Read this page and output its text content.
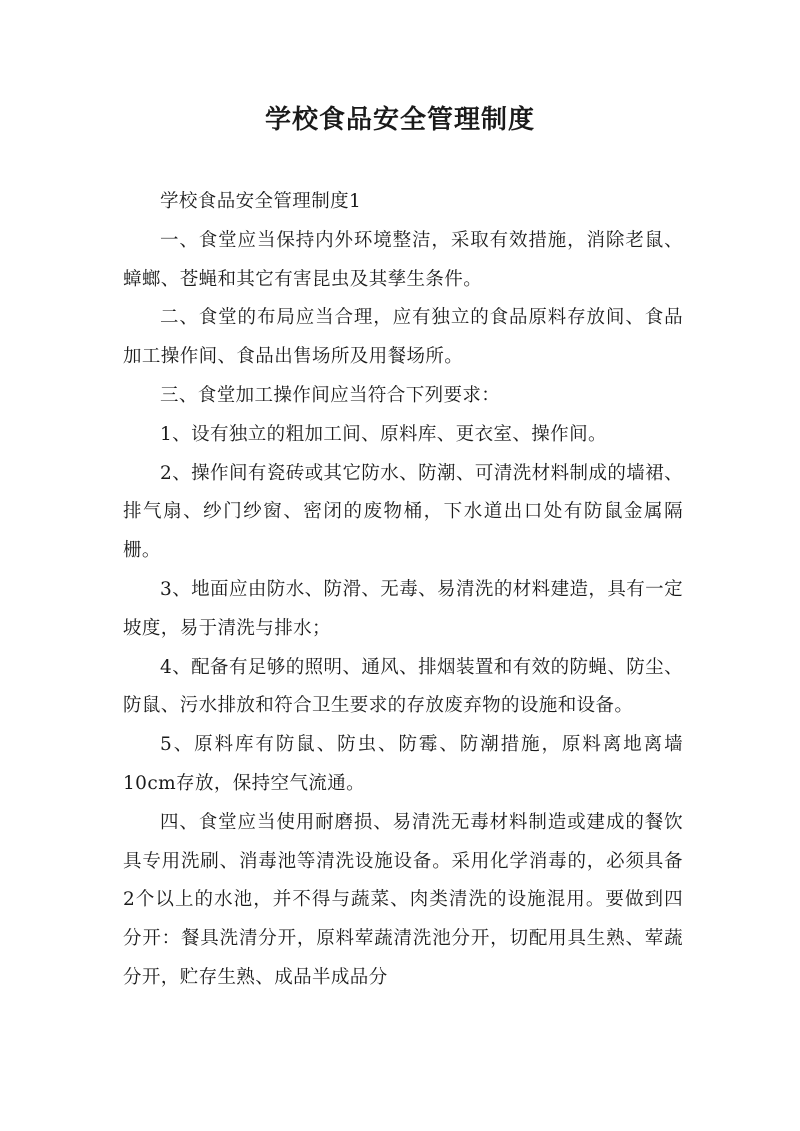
学校食品安全管理制度

学校食品安全管理制度1

一、食堂应当保持内外环境整洁，采取有效措施，消除老鼠、蟑螂、苍蝇和其它有害昆虫及其孳生条件。

二、食堂的布局应当合理，应有独立的食品原料存放间、食品加工操作间、食品出售场所及用餐场所。

三、食堂加工操作间应当符合下列要求：

1、设有独立的粗加工间、原料库、更衣室、操作间。

2、操作间有瓷砖或其它防水、防潮、可清洗材料制成的墙裙、排气扇、纱门纱窗、密闭的废物桶，下水道出口处有防鼠金属隔栅。

3、地面应由防水、防滑、无毒、易清洗的材料建造，具有一定坡度，易于清洗与排水；

4、配备有足够的照明、通风、排烟装置和有效的防蝇、防尘、防鼠、污水排放和符合卫生要求的存放废弃物的设施和设备。

5、原料库有防鼠、防虫、防霉、防潮措施，原料离地离墙10cm存放，保持空气流通。

四、食堂应当使用耐磨损、易清洗无毒材料制造或建成的餐饮具专用洗刷、消毒池等清洗设施设备。采用化学消毒的，必须具备2个以上的水池，并不得与蔬菜、肉类清洗的设施混用。要做到四分开：餐具洗清分开，原料荤蔬清洗池分开，切配用具生熟、荤蔬分开，贮存生熟、成品半成品分
